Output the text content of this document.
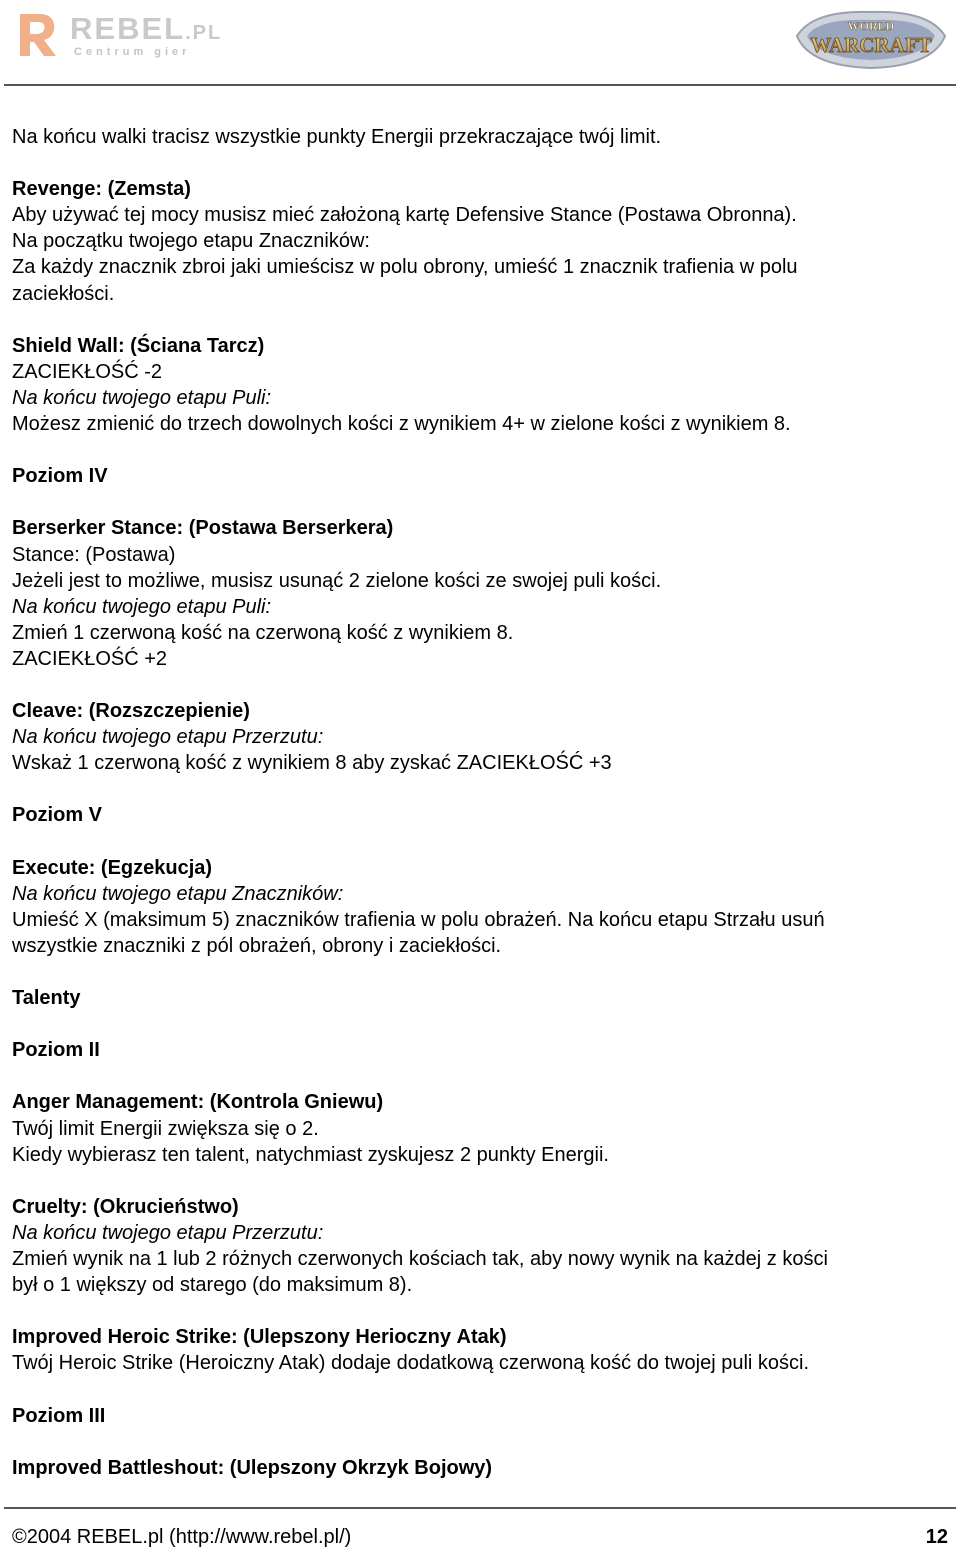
REBEL.PL
Centrum gier
WORLD
WARCRAFT

Na końcu walki tracisz wszystkie punkty Energii przekraczające twój limit.

Revenge: (Zemsta)

Aby używać tej mocy musisz mieć założoną kartę Defensive Stance (Postawa Obronna).

Na początku twojego etapu Znaczników:

Za każdy znacznik zbroi jaki umieścisz w polu obrony, umieść 1 znacznik trafienia w polu

zaciekłości.

Shield Wall: (Ściana Tarcz)

ZACIEKŁOŚĆ -2

Na końcu twojego etapu Puli:

Możesz zmienić do trzech dowolnych kości z wynikiem 4+ w zielone kości z wynikiem 8.

Poziom IV

Berserker Stance: (Postawa Berserkera)

Stance: (Postawa)

Jeżeli jest to możliwe, musisz usunąć 2 zielone kości ze swojej puli kości.

Na końcu twojego etapu Puli:

Zmień 1 czerwoną kość na czerwoną kość z wynikiem 8.

ZACIEKŁOŚĆ +2

Cleave: (Rozszczepienie)

Na końcu twojego etapu Przerzutu:

Wskaż 1 czerwoną kość z wynikiem 8 aby zyskać ZACIEKŁOŚĆ +3

Poziom V

Execute: (Egzekucja)

Na końcu twojego etapu Znaczników:

Umieść X (maksimum 5) znaczników trafienia w polu obrażeń. Na końcu etapu Strzału usuń

wszystkie znaczniki z pól obrażeń, obrony i zaciekłości.

Talenty

Poziom II

Anger Management: (Kontrola Gniewu)

Twój limit Energii zwiększa się o 2.

Kiedy wybierasz ten talent, natychmiast zyskujesz 2 punkty Energii.

Cruelty: (Okrucieństwo)

Na końcu twojego etapu Przerzutu:

Zmień wynik na 1 lub 2 różnych czerwonych kościach tak, aby nowy wynik na każdej z kości

był o 1 większy od starego (do maksimum 8).

Improved Heroic Strike: (Ulepszony Heriocznу Atak)

Twój Heroic Strike (Heroiczny Atak) dodaje dodatkową czerwoną kość do twojej puli kości.

Poziom III

Improved Battleshout: (Ulepszony Okrzyk Bojowy)

©2004 REBEL.pl (http://www.rebel.pl/)	12
